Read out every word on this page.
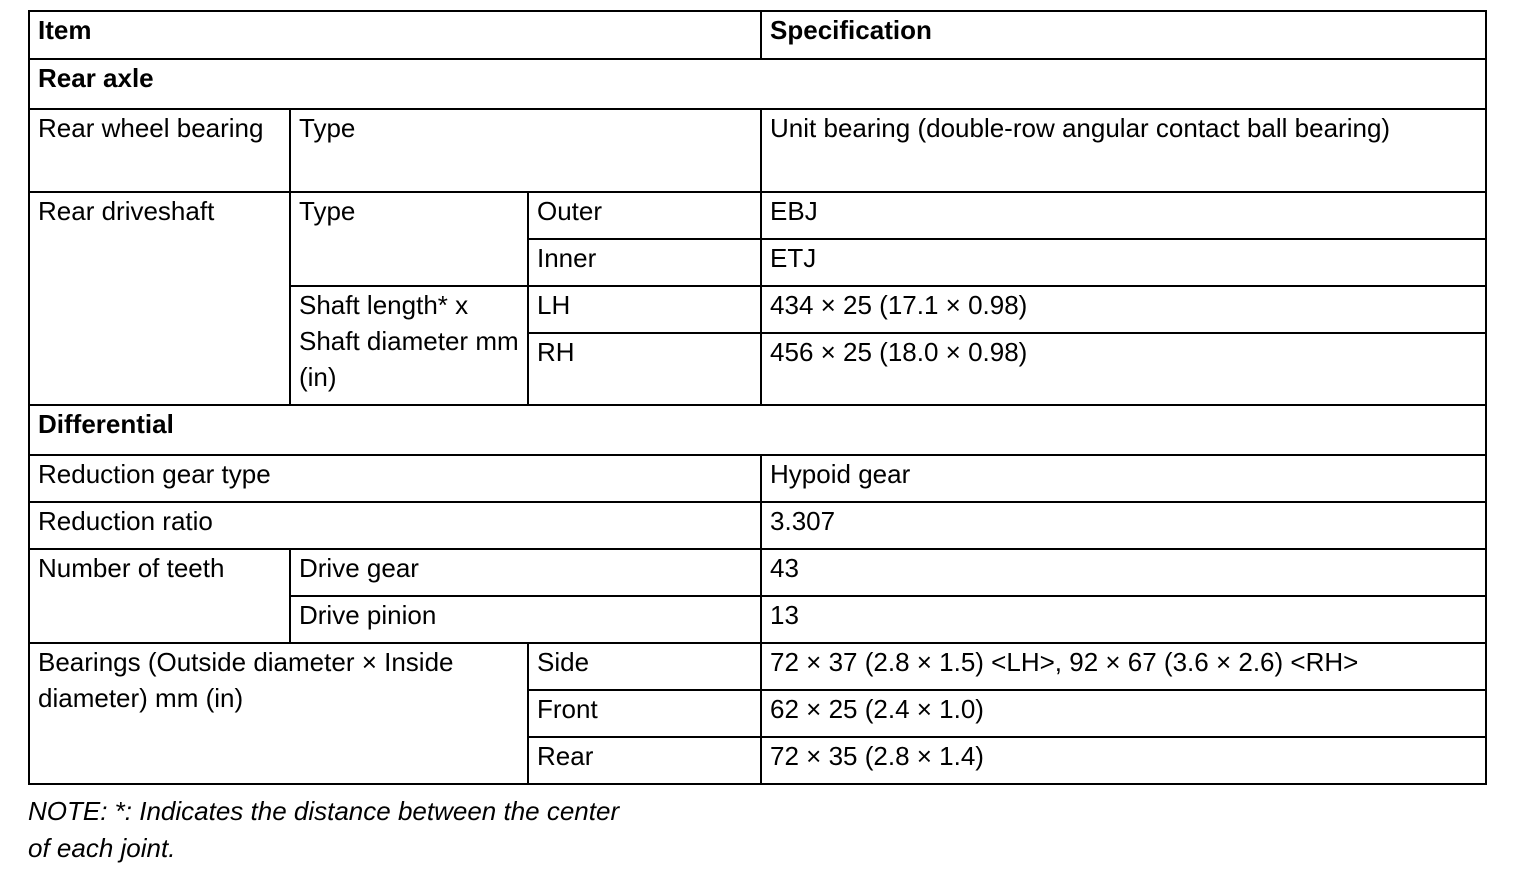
Item			Specification
Rear axle			
Rear wheel bearing	Type		Unit bearing (double-row angular contact ball bearing)
Rear driveshaft	Type	Outer	EBJ
		Inner	ETJ
	Shaft length* x Shaft diameter mm (in)	LH	434 × 25 (17.1 × 0.98)
		RH	456 × 25 (18.0 × 0.98)
Differential			
Reduction gear type			Hypoid gear
Reduction ratio			3.307
Number of teeth	Drive gear		43
	Drive pinion		13
Bearings (Outside diameter × Inside diameter) mm (in)		Side	72 × 37 (2.8 × 1.5) <LH>, 92 × 67 (3.6 × 2.6) <RH>
		Front	62 × 25 (2.4 × 1.0)
		Rear	72 × 35 (2.8 × 1.4)
NOTE: *: Indicates the distance between the center
of each joint.
